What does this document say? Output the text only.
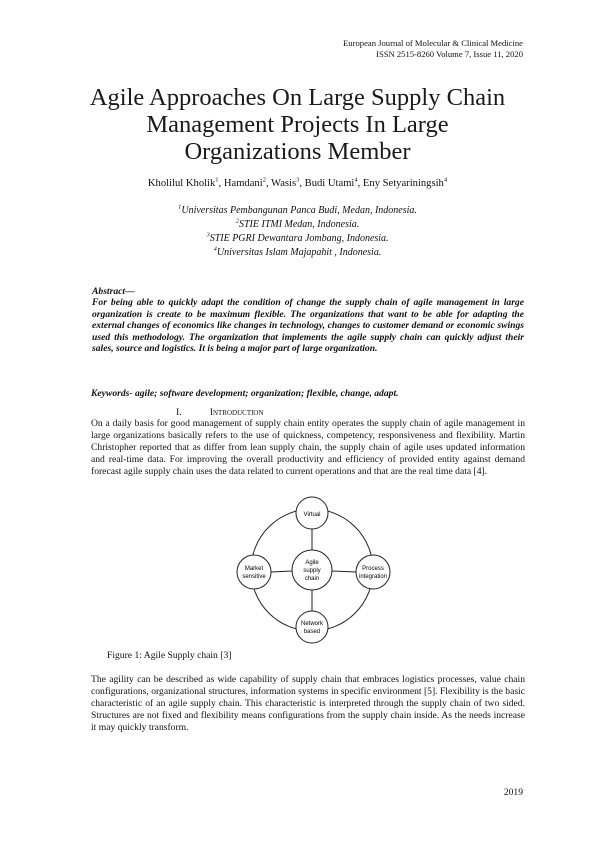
European Journal of Molecular & Clinical Medicine
ISSN 2515-8260 Volume 7, Issue 11, 2020
Agile Approaches On Large Supply Chain
Management Projects In Large
Organizations Member
Kholilul Kholik$^1$, Hamdani$^2$, Wasis$^3$, Budi Utami$^4$, Eny Setyariningsih$^4$
$^1$Universitas Pembangunan Panca Budi, Medan, Indonesia.
$^2$STIE ITMI Medan, Indonesia.
$^3$STIE PGRI Dewantara Jombang, Indonesia.
$^4$Universitas Islam Majapahit , Indonesia.
Abstract—
For being able to quickly adapt the condition of change the supply chain of agile management in large organization is create to be maximum flexible. The organizations that want to be able for adapting the external changes of economics like changes in technology, changes to customer demand or economic swings used this methodology. The organization that implements the agile supply chain can quickly adjust their sales, source and logistics. It is being a major part of large organization.
Keywords- agile; software development; organization; flexible, change, adapt.
I.	Introduction
On a daily basis for good management of supply chain entity operates the supply chain of agile management in large organizations basically refers to the use of quickness, competency, responsiveness and flexibility. Martin Christopher reported that as differ from lean supply chain, the supply chain of agile uses updated information and real-time data. For improving the overall productivity and efficiency of provided entity against demand forecast agile supply chain uses the data related to current operations and that are the real time data [4].
Virtual
Agile
supply
chain
Market
sensitive
Process
integration
Network
based
Figure 1: Agile Supply chain [3]
The agility can be described as wide capability of supply chain that embraces logistics processes, value chain configurations, organizational structures, information systems in specific environment [5]. Flexibility is the basic characteristic of an agile supply chain. This characteristic is interpreted through the supply chain of two sided. Structures are not fixed and flexibility means configurations from the supply chain inside. As the needs increase it may quickly transform.
2019
